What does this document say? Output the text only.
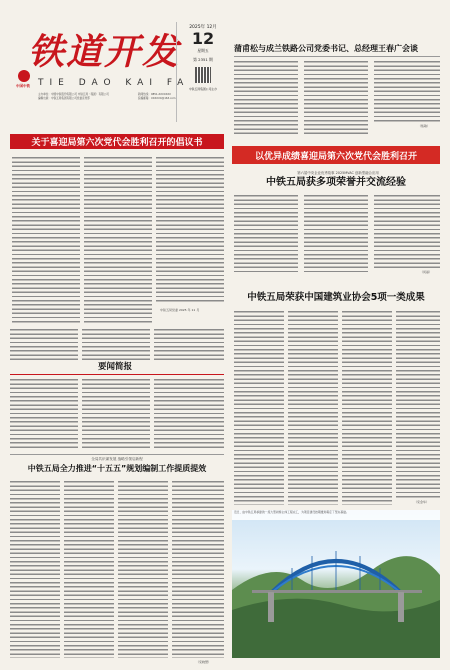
铁道开发
中国中铁 TIE DAO KAI FA
主办单位：中国中铁股份有限公司 中铁五局（集团）有限公司
编辑出版：中铁五局集团有限公司党委宣传部
新闻热线：0851-XXXXXXX
投稿邮箱：XXXXXX@163.com
2025年 12月
12
星期五
第 2351 期
中铁五局集团公司主办
蒲甫松与成兰铁路公司党委书记、总经理王春广会谈
（熊敏）
关于喜迎局第六次党代会胜利召开的倡议书
以优异成绩喜迎局第六次党代会胜利召开
中铁五局党委 2025 年 11 月
第六届中央企业优秀故事 2025MVAC 创新型融合应用
中铁五局获多项荣誉并交流经验
（何丽）
中铁五局荣获中国建筑业协会5项一类成果
（宋金华）
要闻简报
全局共识谋发展 战略引领启新程
中铁五局全力推进“十五五”规划编制工作提质提效
近日，由中铁五局承建的一座大型拱桥主体工程完工，为项目建设按期推进奠定了坚实基础。
（宋晓慧）
